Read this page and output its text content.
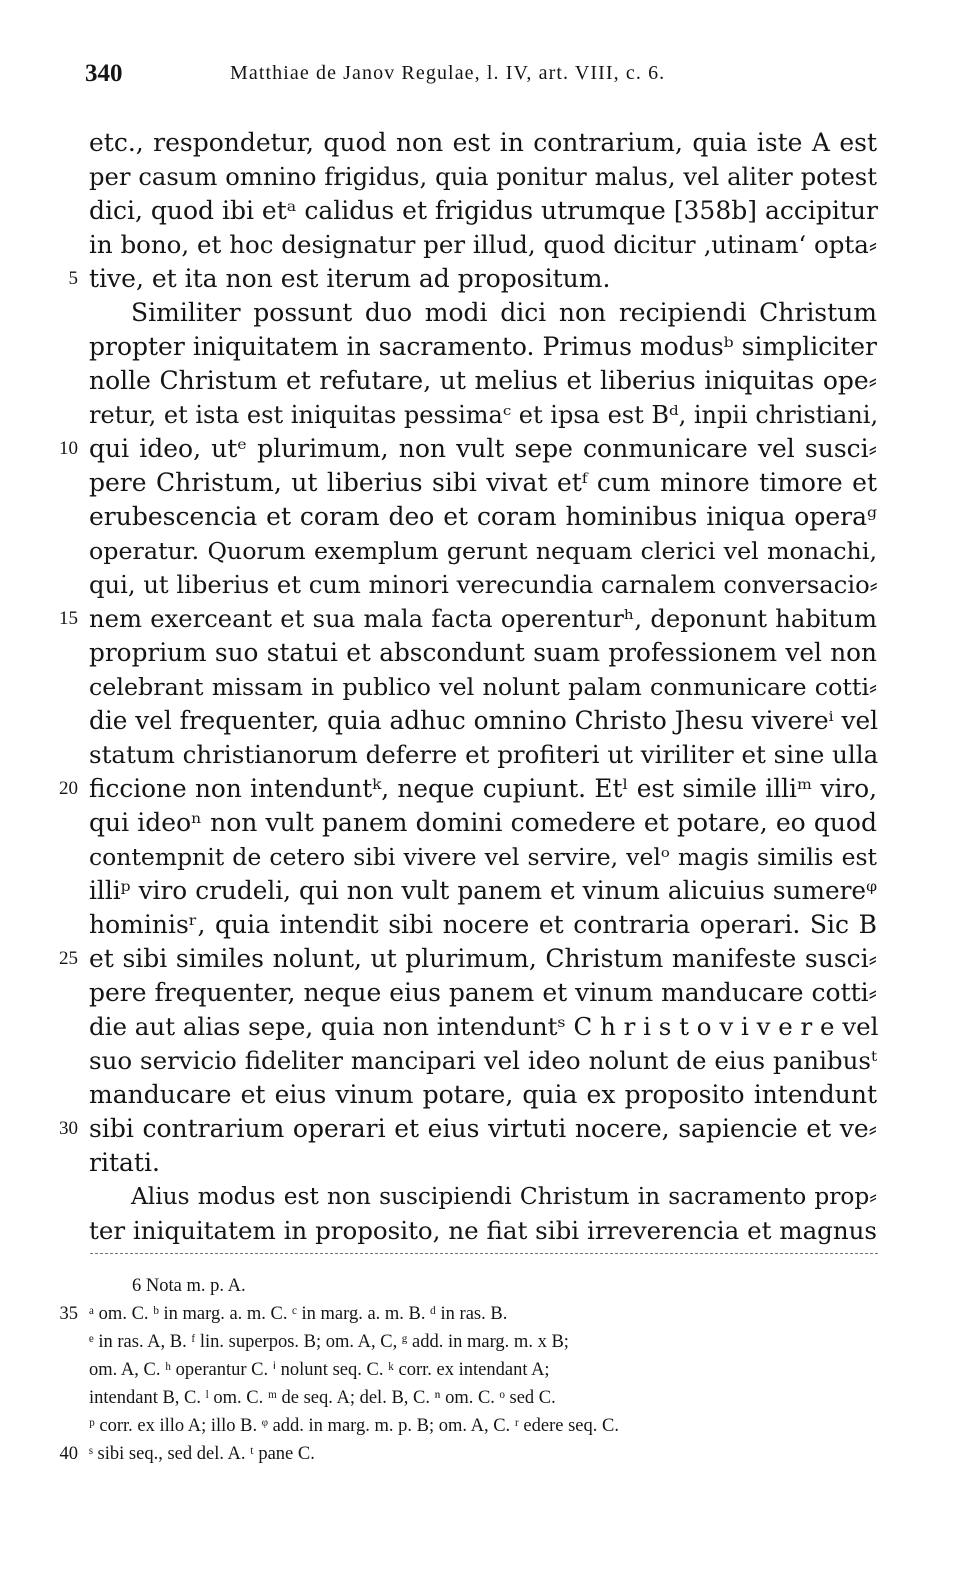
340	Matthiae de Janov Regulae, l. IV, art. VIII, c. 6.
etc., respondetur, quod non est in contrarium, quia iste A est
per casum omnino frigidus, quia ponitur malus, vel aliter potest
dici, quod ibi etᵃ calidus et frigidus utrumque [358b] accipitur
in bono, et hoc designatur per illud, quod dicitur ‚utinam‘ opta⸗
tive, et ita non est iterum ad propositum.
Similiter possunt duo modi dici non recipiendi Christum
propter iniquitatem in sacramento. Primus modusᵇ simpliciter
nolle Christum et refutare, ut melius et liberius iniquitas ope⸗
retur, et ista est iniquitas pessimaᶜ et ipsa est Bᵈ, inpii christiani,
qui ideo, utᵉ plurimum, non vult sepe conmunicare vel susci⸗
pere Christum, ut liberius sibi vivat etᶠ cum minore timore et
erubescencia et coram deo et coram hominibus iniqua operaᵍ
operatur. Quorum exemplum gerunt nequam clerici vel monachi,
qui, ut liberius et cum minori verecundia carnalem conversacio⸗
nem exerceant et sua mala facta operenturʰ, deponunt habitum
proprium suo statui et abscondunt suam professionem vel non
celebrant missam in publico vel nolunt palam conmunicare cotti⸗
die vel frequenter, quia adhuc omnino Christo Jhesu vivereⁱ vel
statum christianorum deferre et profiteri ut viriliter et sine ulla
ficcione non intenduntᵏ, neque cupiunt. Etˡ est simile illiᵐ viro,
qui ideoⁿ non vult panem domini comedere et potare, eo quod
contempnit de cetero sibi vivere vel servire, velᵒ magis similis est
illiᵖ viro crudeli, qui non vult panem et vinum alicuius sumereᵠ
hominisʳ, quia intendit sibi nocere et contraria operari. Sic B
et sibi similes nolunt, ut plurimum, Christum manifeste susci⸗
pere frequenter, neque eius panem et vinum manducare cotti⸗
die aut alias sepe, quia non intenduntˢ C h r i s t o v i v e r e vel
suo servicio fideliter mancipari vel ideo nolunt de eius panibusᵗ
manducare et eius vinum potare, quia ex proposito intendunt
sibi contrarium operari et eius virtuti nocere, sapiencie et ve⸗
ritati.
Alius modus est non suscipiendi Christum in sacramento prop⸗
ter iniquitatem in proposito, ne fiat sibi irreverencia et magnus
5
10
15
20
25
30
6 Nota m. p. A.
ᵃ om. C. ᵇ in marg. a. m. C. ᶜ in marg. a. m. B. ᵈ in ras. B.
ᵉ in ras. A, B. ᶠ lin. superpos. B; om. A, C, ᵍ add. in marg. m. x B;
om. A, C. ʰ operantur C. ⁱ nolunt seq. C. ᵏ corr. ex intendant A;
intendant B, C. ˡ om. C. ᵐ de seq. A; del. B, C. ⁿ om. C. ᵒ sed C.
ᵖ corr. ex illo A; illo B. ᵠ add. in marg. m. p. B; om. A, C. ʳ edere seq. C.
ˢ sibi seq., sed del. A. ᵗ pane C.
35
40
